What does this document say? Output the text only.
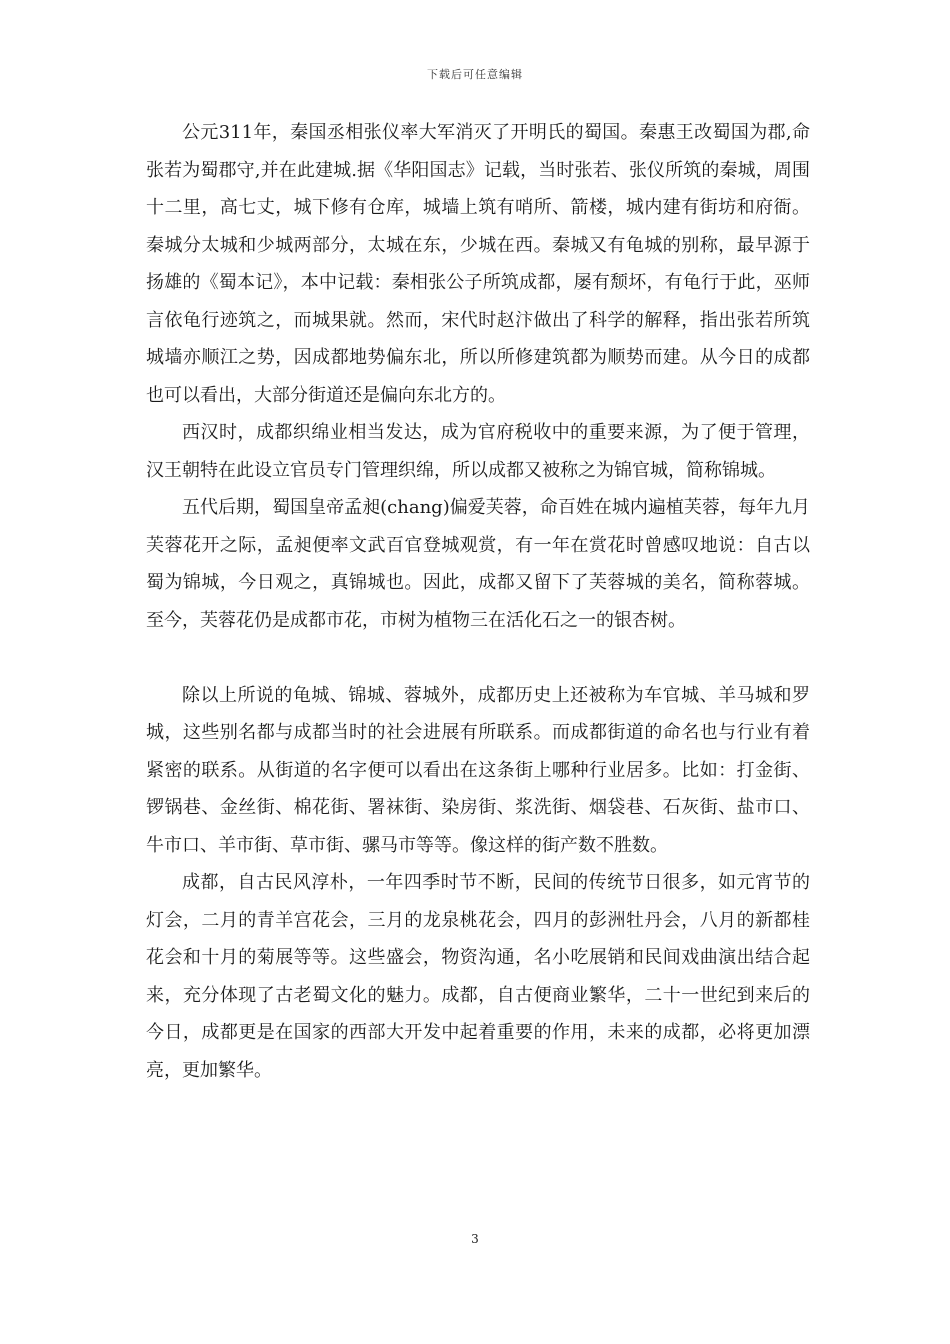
下载后可任意编辑

公元311年，秦国丞相张仪率大军消灭了开明氏的蜀国。秦惠王改蜀国为郡,命张若为蜀郡守,并在此建城.据《华阳国志》记载，当时张若、张仪所筑的秦城，周围十二里，高七丈，城下修有仓库，城墙上筑有哨所、箭楼，城内建有街坊和府衙。秦城分太城和少城两部分，太城在东，少城在西。秦城又有龟城的别称，最早源于扬雄的《蜀本记》，本中记载：秦相张公子所筑成都，屡有颓坏，有龟行于此，巫师言依龟行迹筑之，而城果就。然而，宋代时赵汴做出了科学的解释，指出张若所筑城墙亦顺江之势，因成都地势偏东北，所以所修建筑都为顺势而建。从今日的成都也可以看出，大部分街道还是偏向东北方的。

西汉时，成都织绵业相当发达，成为官府税收中的重要来源，为了便于管理，汉王朝特在此设立官员专门管理织绵，所以成都又被称之为锦官城，简称锦城。

五代后期，蜀国皇帝孟昶(chang)偏爱芙蓉，命百姓在城内遍植芙蓉，每年九月芙蓉花开之际，孟昶便率文武百官登城观赏，有一年在赏花时曾感叹地说：自古以蜀为锦城，今日观之，真锦城也。因此，成都又留下了芙蓉城的美名，简称蓉城。至今，芙蓉花仍是成都市花，市树为植物三在活化石之一的银杏树。

除以上所说的龟城、锦城、蓉城外，成都历史上还被称为车官城、羊马城和罗城，这些别名都与成都当时的社会进展有所联系。而成都街道的命名也与行业有着紧密的联系。从街道的名字便可以看出在这条街上哪种行业居多。比如：打金街、锣锅巷、金丝街、棉花街、署袜街、染房街、浆洗街、烟袋巷、石灰街、盐市口、牛市口、羊市街、草市街、骡马市等等。像这样的街产数不胜数。

成都，自古民风淳朴，一年四季时节不断，民间的传统节日很多，如元宵节的灯会，二月的青羊宫花会，三月的龙泉桃花会，四月的彭洲牡丹会，八月的新都桂花会和十月的菊展等等。这些盛会，物资沟通，名小吃展销和民间戏曲演出结合起来，充分体现了古老蜀文化的魅力。成都，自古便商业繁华，二十一世纪到来后的今日，成都更是在国家的西部大开发中起着重要的作用，未来的成都，必将更加漂亮，更加繁华。

3
